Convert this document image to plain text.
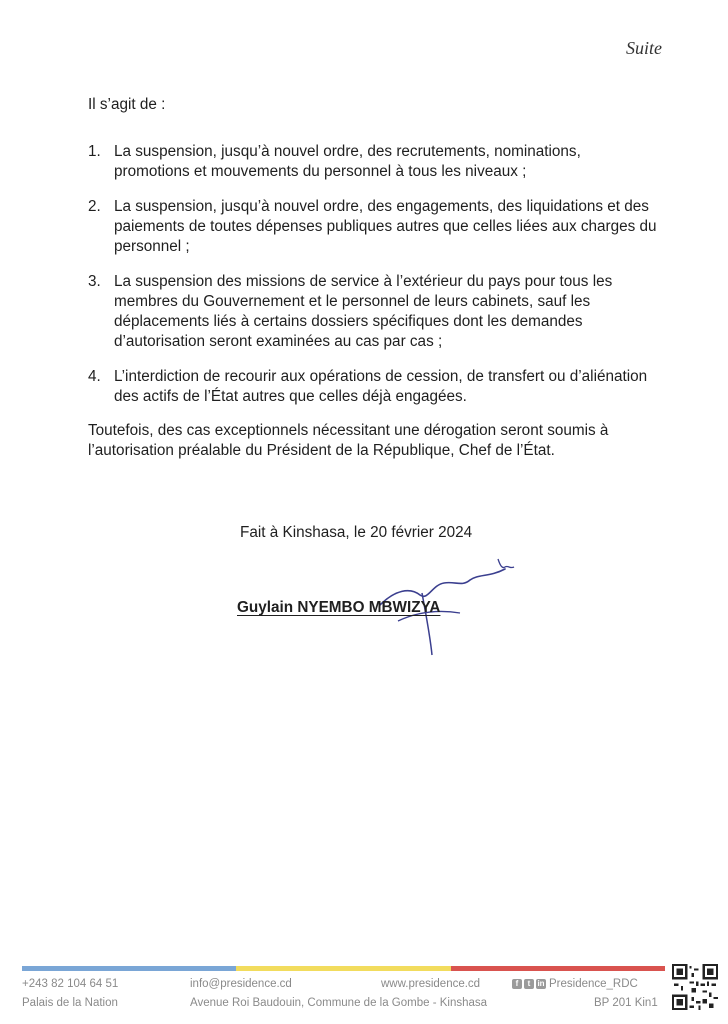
Suite
Il s’agit de :
1. La suspension, jusqu’à nouvel ordre, des recrutements, nominations, promotions et mouvements du personnel à tous les niveaux ;
2. La suspension, jusqu’à nouvel ordre, des engagements, des liquidations et des paiements de toutes dépenses publiques autres que celles liées aux charges du personnel ;
3. La suspension des missions de service à l’extérieur du pays pour tous les membres du Gouvernement et le personnel de leurs cabinets, sauf les déplacements liés à certains dossiers spécifiques dont les demandes d’autorisation seront examinées au cas par cas ;
4. L’interdiction de recourir aux opérations de cession, de transfert ou d’aliénation des actifs de l’État autres que celles déjà engagées.
Toutefois, des cas exceptionnels nécessitant une dérogation seront soumis à l’autorisation préalable du Président de la République, Chef de l’État.
Fait à Kinshasa, le 20 février 2024
Guylain NYEMBO MBWIZYA
+243 82 104 64 51	info@presidence.cd	www.presidence.cd	f	t in Presidence_RDC
Palais de la Nation	Avenue Roi Baudouin, Commune de la Gombe - Kinshasa	BP 201 Kin1
